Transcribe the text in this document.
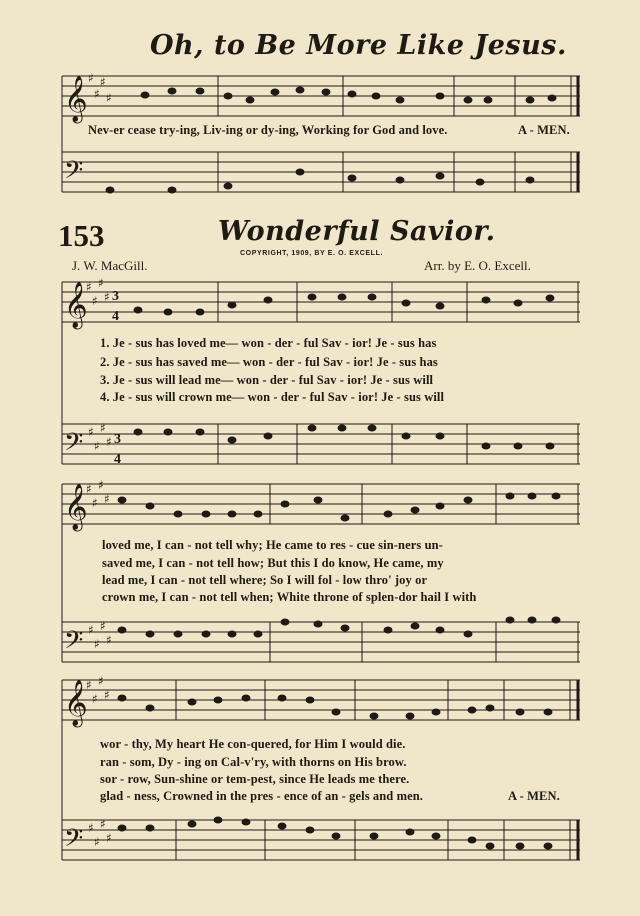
Oh, to Be More Like Jesus.
𝄞
𝄢
𝄞
𝄢
𝄞
𝄢
𝄞
𝄢
♯
♯
♯
♯
♯
♯
♯
♯
♯
♯
♯
♯
♯
♯
♯
♯
♯
♯
♯
♯
♯
♯
♯
♯
♯
♯
♯
♯
3
4
3
4
Nev-er cease try-ing, Liv-ing or dy-ing, Working for God and love.	A - MEN.
153	Wonderful Savior.
COPYRIGHT, 1909, BY E. O. EXCELL.
J. W. MacGill.	Arr. by E. O. Excell.
1. Je - sus has loved me— won - der - ful Sav - ior! Je - sus has
2. Je - sus has saved me— won - der - ful Sav - ior! Je - sus has
3. Je - sus will lead me— won - der - ful Sav - ior! Je - sus will
4. Je - sus will crown me— won - der - ful Sav - ior! Je - sus will
loved me, I can - not tell why; He came to res - cue sin-ners un-
saved me, I can - not tell how; But this I do know, He came, my
lead me, I can - not tell where; So I will fol - low thro' joy or
crown me, I can - not tell when; White throne of splen-dor hail I with
wor - thy, My heart He con-quered, for Him I would die.
ran - som, Dy - ing on Cal-v'ry, with thorns on His brow.
sor - row, Sun-shine or tem-pest, since He leads me there.
glad - ness, Crowned in the pres - ence of an - gels and men.	A - MEN.
